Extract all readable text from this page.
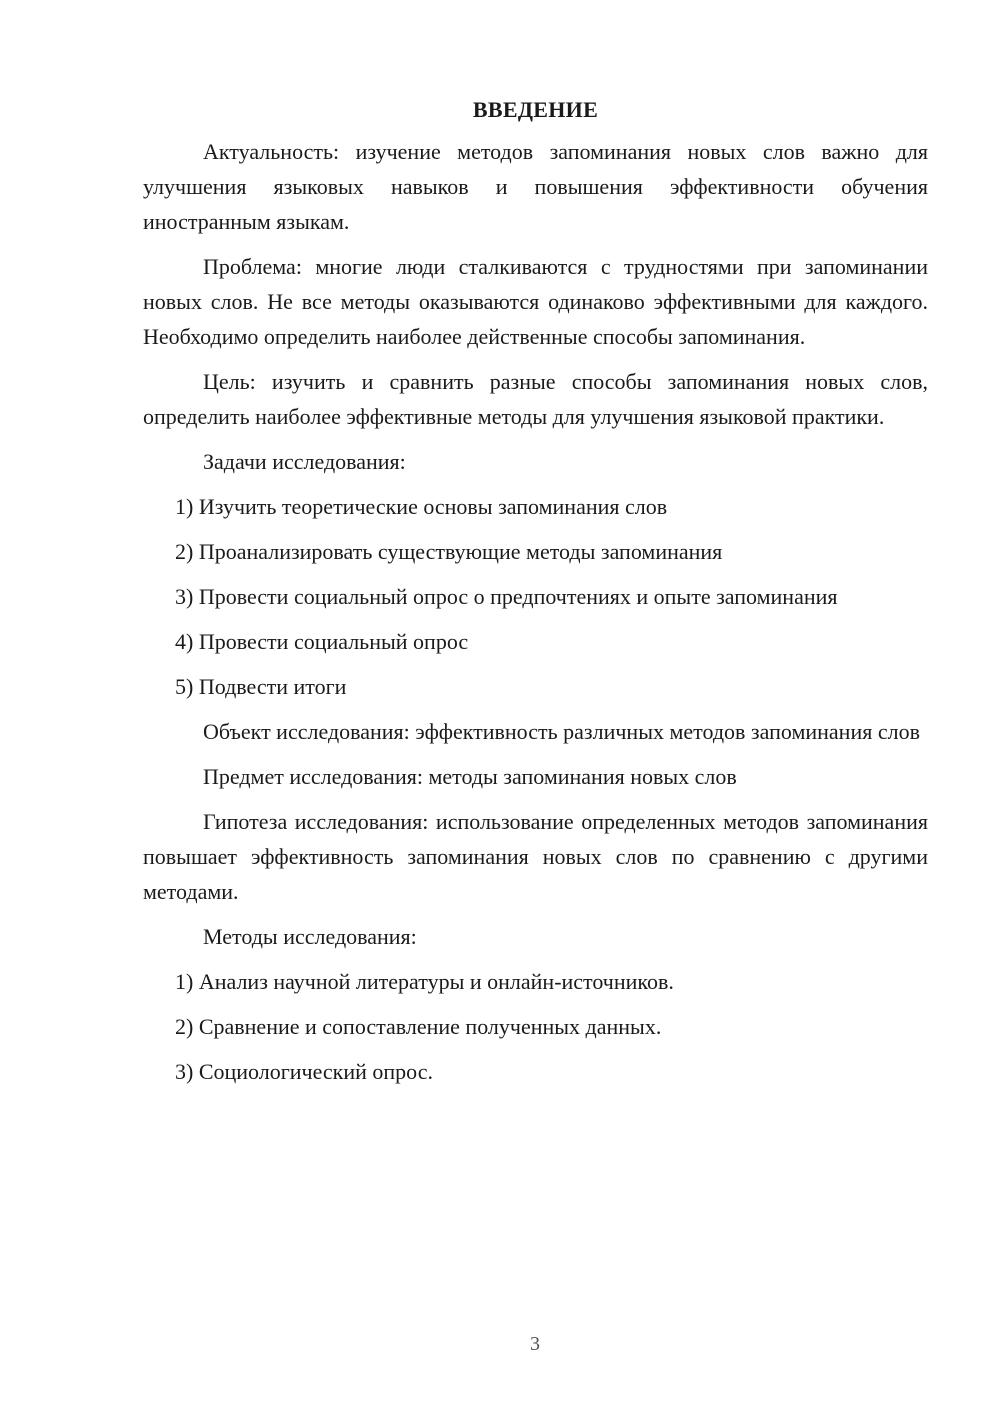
ВВЕДЕНИЕ

Актуальность: изучение методов запоминания новых слов важно для улучшения языковых навыков и повышения эффективности обучения иностранным языкам.

Проблема: многие люди сталкиваются с трудностями при запоминании новых слов. Не все методы оказываются одинаково эффективными для каждого. Необходимо определить наиболее действенные способы запоминания.

Цель: изучить и сравнить разные способы запоминания новых слов, определить наиболее эффективные методы для улучшения языковой практики.

Задачи исследования:

1) Изучить теоретические основы запоминания слов
2) Проанализировать существующие методы запоминания
3) Провести социальный опрос о предпочтениях и опыте запоминания
4) Провести социальный опрос
5) Подвести итоги

Объект исследования: эффективность различных методов запоминания слов

Предмет исследования: методы запоминания новых слов

Гипотеза исследования: использование определенных методов запоминания повышает эффективность запоминания новых слов по сравнению с другими методами.

Методы исследования:

1) Анализ научной литературы и онлайн-источников.
2) Сравнение и сопоставление полученных данных.
3) Социологический опрос.
3
